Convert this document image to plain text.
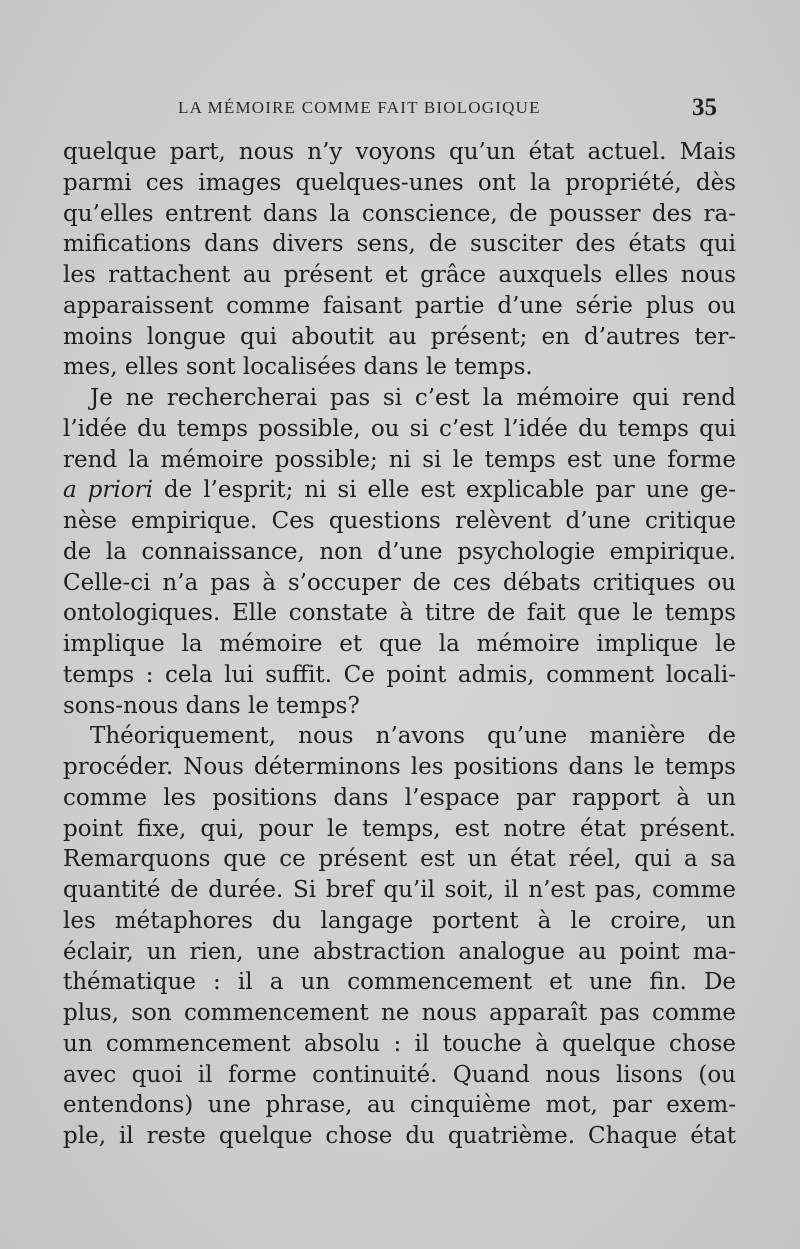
LA MÉMOIRE COMME FAIT BIOLOGIQUE	35
quelque part, nous n’y voyons qu’un état actuel. Mais
parmi ces images quelques-unes ont la propriété, dès
qu’elles entrent dans la conscience, de pousser des ra-
mifications dans divers sens, de susciter des états qui
les rattachent au présent et grâce auxquels elles nous
apparaissent comme faisant partie d’une série plus ou
moins longue qui aboutit au présent; en d’autres ter-
mes, elles sont localisées dans le temps.
Je ne rechercherai pas si c’est la mémoire qui rend
l’idée du temps possible, ou si c’est l’idée du temps qui
rend la mémoire possible; ni si le temps est une forme
a priori de l’esprit; ni si elle est explicable par une ge-
nèse empirique. Ces questions relèvent d’une critique
de la connaissance, non d’une psychologie empirique.
Celle-ci n’a pas à s’occuper de ces débats critiques ou
ontologiques. Elle constate à titre de fait que le temps
implique la mémoire et que la mémoire implique le
temps : cela lui suffit. Ce point admis, comment locali-
sons-nous dans le temps?
Théoriquement, nous n’avons qu’une manière de
procéder. Nous déterminons les positions dans le temps
comme les positions dans l’espace par rapport à un
point fixe, qui, pour le temps, est notre état présent.
Remarquons que ce présent est un état réel, qui a sa
quantité de durée. Si bref qu’il soit, il n’est pas, comme
les métaphores du langage portent à le croire, un
éclair, un rien, une abstraction analogue au point ma-
thématique : il a un commencement et une fin. De
plus, son commencement ne nous apparaît pas comme
un commencement absolu : il touche à quelque chose
avec quoi il forme continuité. Quand nous lisons (ou
entendons) une phrase, au cinquième mot, par exem-
ple, il reste quelque chose du quatrième. Chaque état
